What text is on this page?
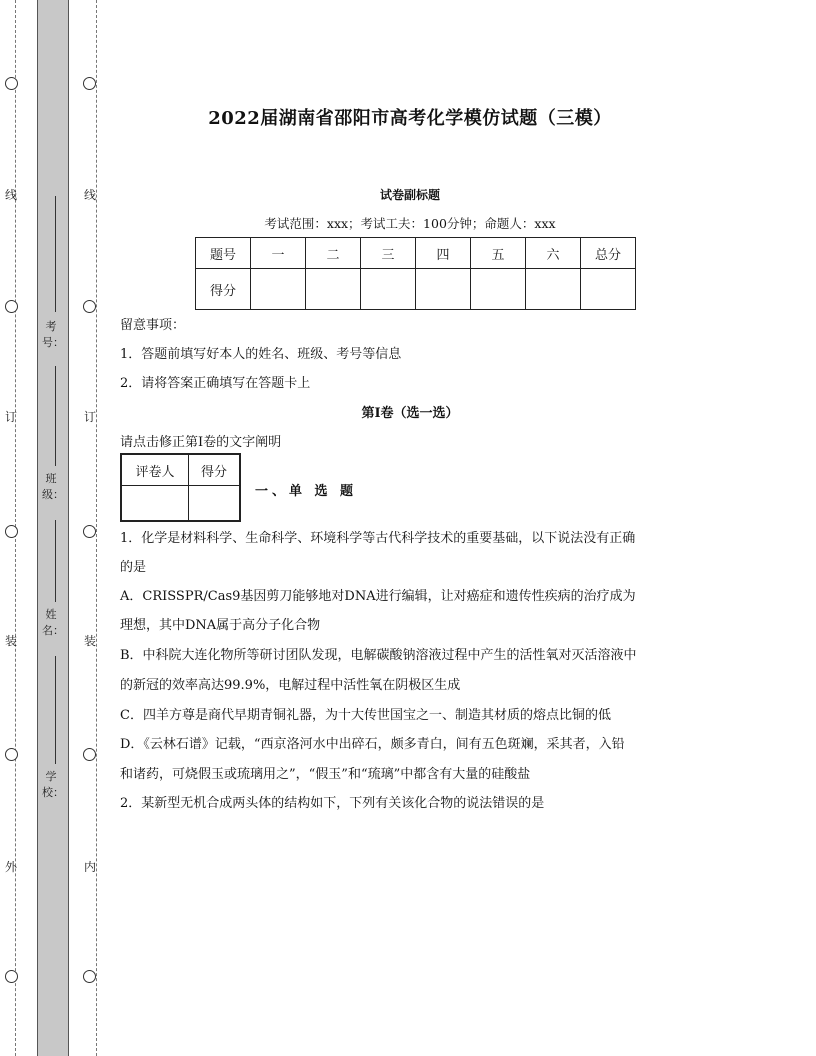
线
订
装
外
线
订
装
内
考号：
班级：
姓名：
学校：
2022届湖南省邵阳市高考化学模仿试题（三模）
试卷副标题
考试范围：xxx；考试工夫：100分钟；命题人：xxx
题号	一	二	三	四	五	六	总分
得分							
留意事项：
1．答题前填写好本人的姓名、班级、考号等信息
2．请将答案正确填写在答题卡上
第I卷（选一选）
请点击修正第I卷的文字阐明
评卷人	得分

一、单 选 题
1．化学是材料科学、生命科学、环境科学等古代科学技术的重要基础，以下说法没有正确
的是
A．CRISSPR/Cas9基因剪刀能够地对DNA进行编辑，让对癌症和遗传性疾病的治疗成为
理想，其中DNA属于高分子化合物
B．中科院大连化物所等研讨团队发现，电解碳酸钠溶液过程中产生的活性氧对灭活溶液中
的新冠的效率高达99.9%，电解过程中活性氧在阴极区生成
C．四羊方尊是商代早期青铜礼器，为十大传世国宝之一、制造其材质的熔点比铜的低
D．《云林石谱》记载，“西京洛河水中出碎石，颇多青白，间有五色斑斓，采其者，入铅
和诸药，可烧假玉或琉璃用之”，“假玉”和“琉璃”中都含有大量的硅酸盐
2．某新型无机合成两头体的结构如下，下列有关该化合物的说法错误的是
